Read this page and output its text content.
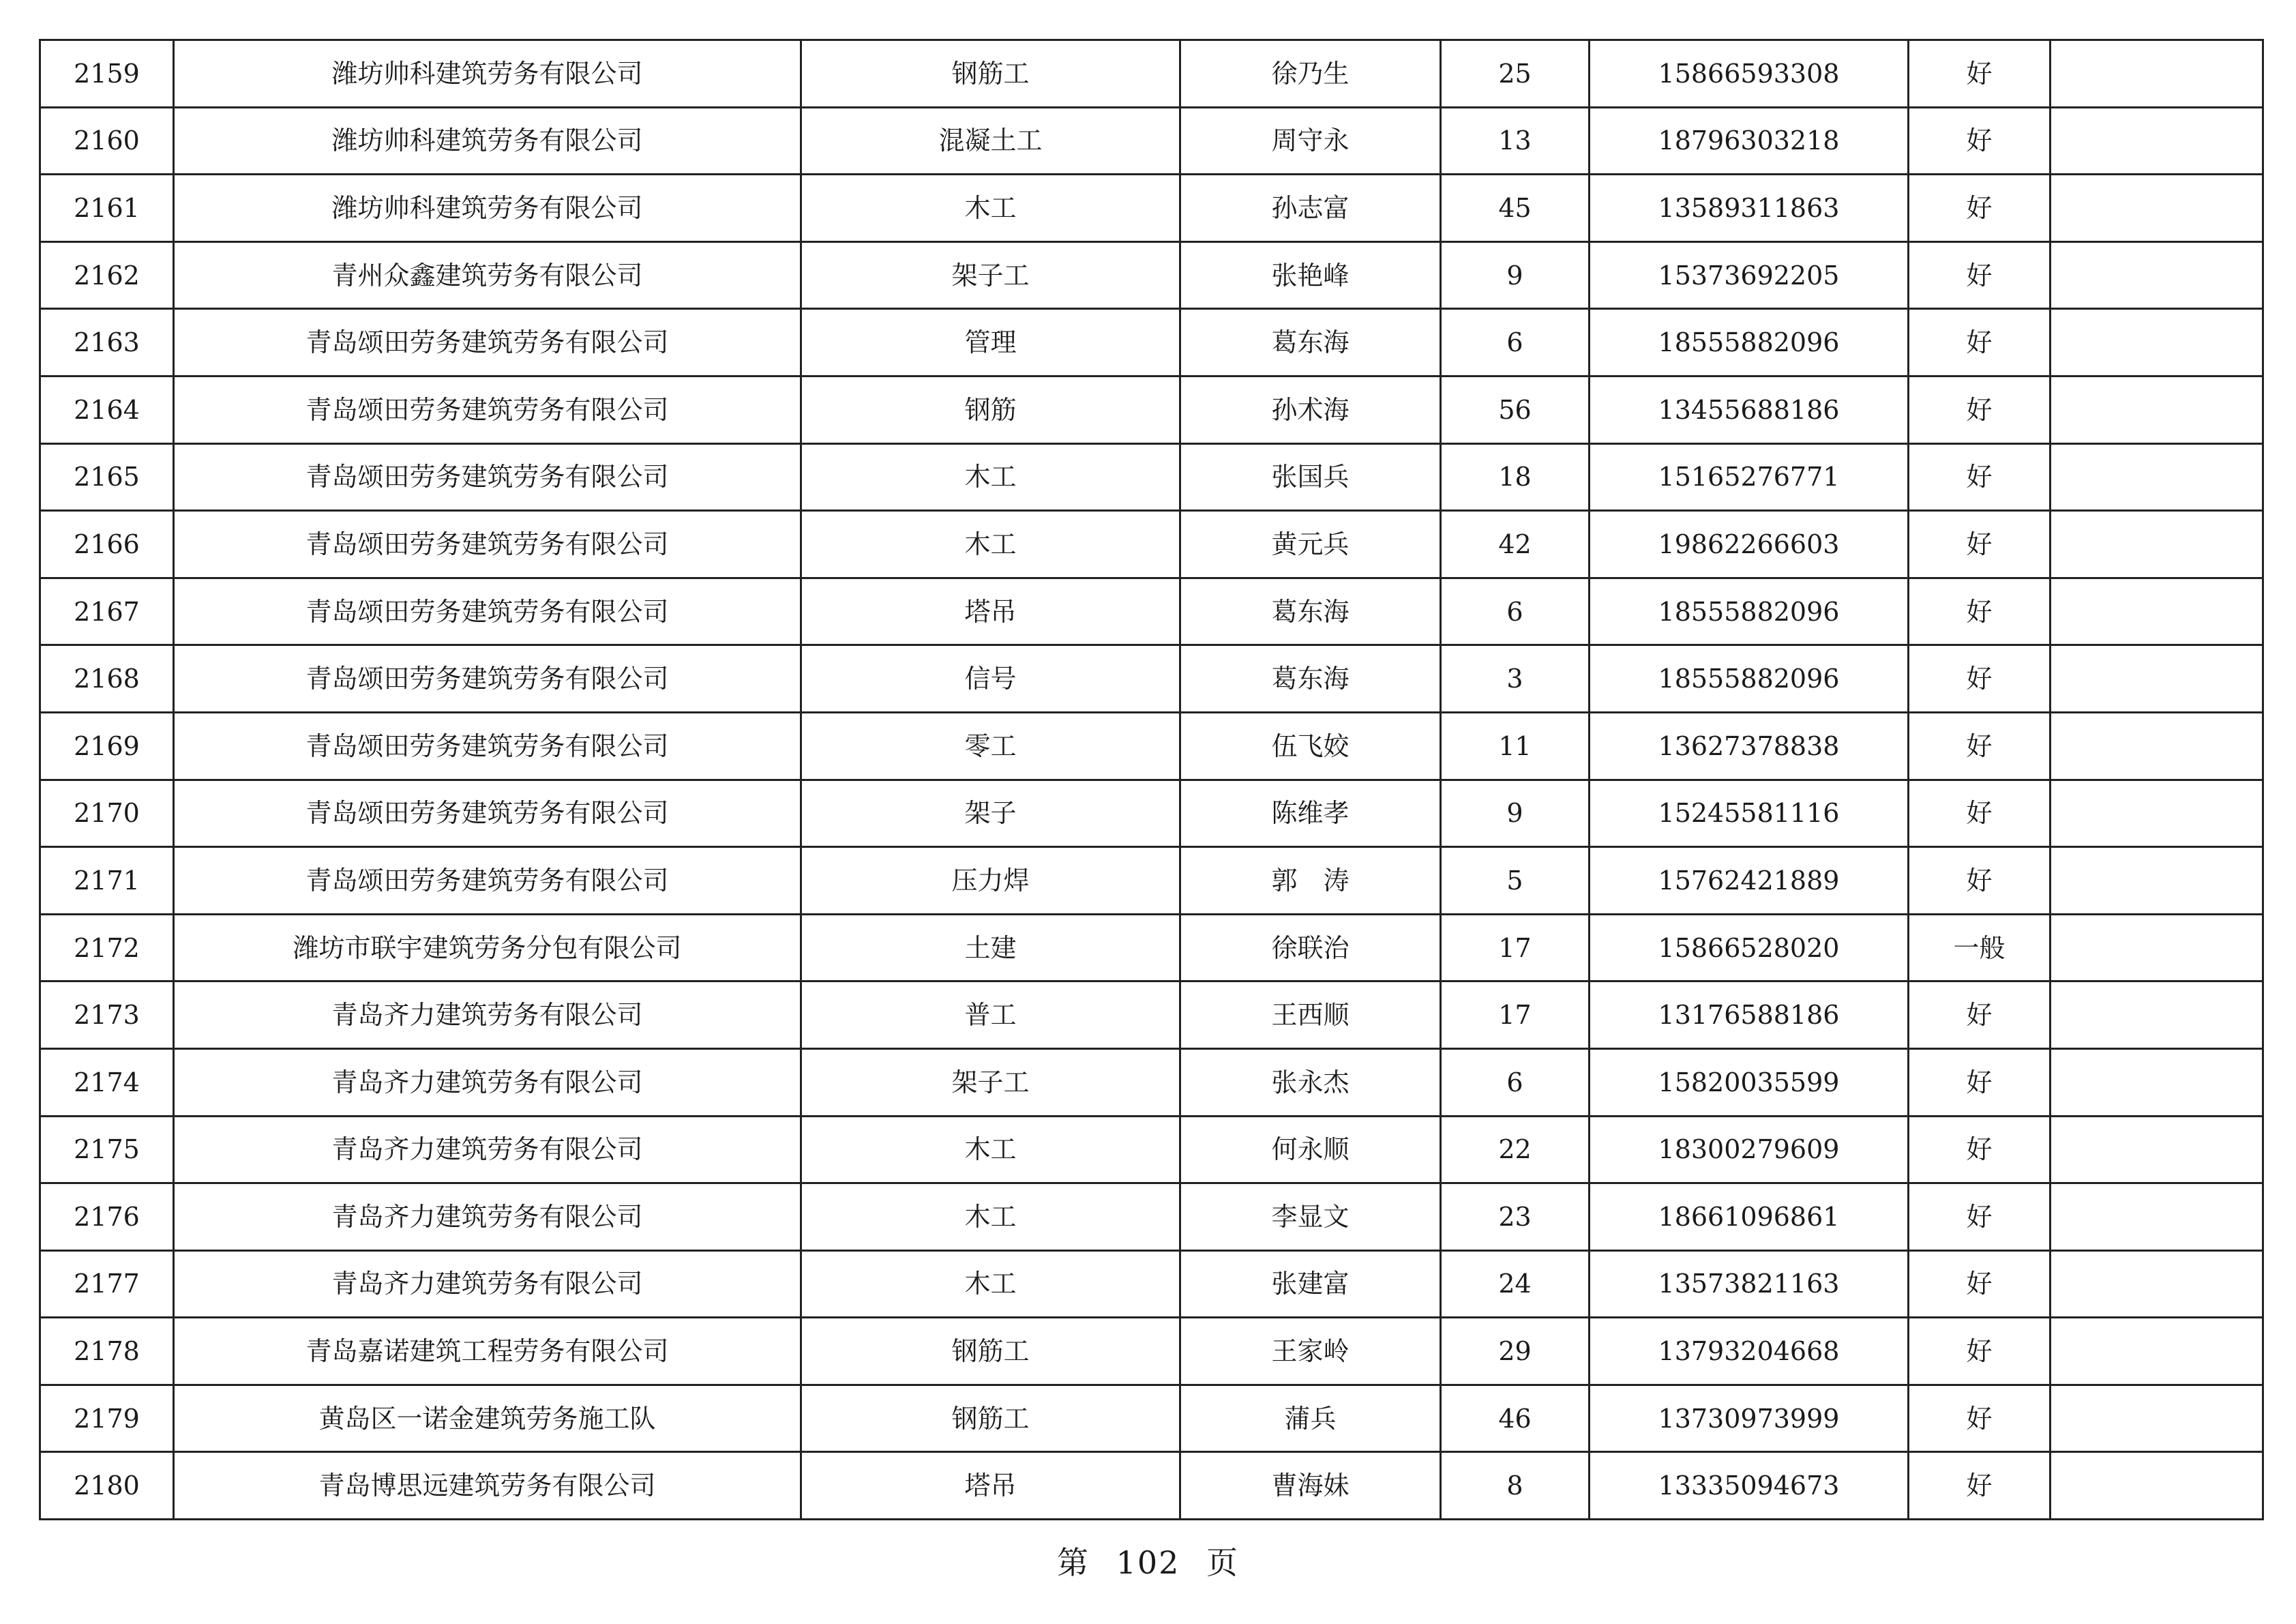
2159	潍坊帅科建筑劳务有限公司	钢筋工	徐乃生	25	15866593308	好	
2160	潍坊帅科建筑劳务有限公司	混凝土工	周守永	13	18796303218	好	
2161	潍坊帅科建筑劳务有限公司	木工	孙志富	45	13589311863	好	
2162	青州众鑫建筑劳务有限公司	架子工	张艳峰	9	15373692205	好	
2163	青岛颂田劳务建筑劳务有限公司	管理	葛东海	6	18555882096	好	
2164	青岛颂田劳务建筑劳务有限公司	钢筋	孙术海	56	13455688186	好	
2165	青岛颂田劳务建筑劳务有限公司	木工	张国兵	18	15165276771	好	
2166	青岛颂田劳务建筑劳务有限公司	木工	黄元兵	42	19862266603	好	
2167	青岛颂田劳务建筑劳务有限公司	塔吊	葛东海	6	18555882096	好	
2168	青岛颂田劳务建筑劳务有限公司	信号	葛东海	3	18555882096	好	
2169	青岛颂田劳务建筑劳务有限公司	零工	伍飞姣	11	13627378838	好	
2170	青岛颂田劳务建筑劳务有限公司	架子	陈维孝	9	15245581116	好	
2171	青岛颂田劳务建筑劳务有限公司	压力焊	郭　涛	5	15762421889	好	
2172	潍坊市联宇建筑劳务分包有限公司	土建	徐联治	17	15866528020	一般	
2173	青岛齐力建筑劳务有限公司	普工	王西顺	17	13176588186	好	
2174	青岛齐力建筑劳务有限公司	架子工	张永杰	6	15820035599	好	
2175	青岛齐力建筑劳务有限公司	木工	何永顺	22	18300279609	好	
2176	青岛齐力建筑劳务有限公司	木工	李显文	23	18661096861	好	
2177	青岛齐力建筑劳务有限公司	木工	张建富	24	13573821163	好	
2178	青岛嘉诺建筑工程劳务有限公司	钢筋工	王家岭	29	13793204668	好	
2179	黄岛区一诺金建筑劳务施工队	钢筋工	蒲兵	46	13730973999	好	
2180	青岛博思远建筑劳务有限公司	塔吊	曹海妹	8	13335094673	好	
第 102 页
